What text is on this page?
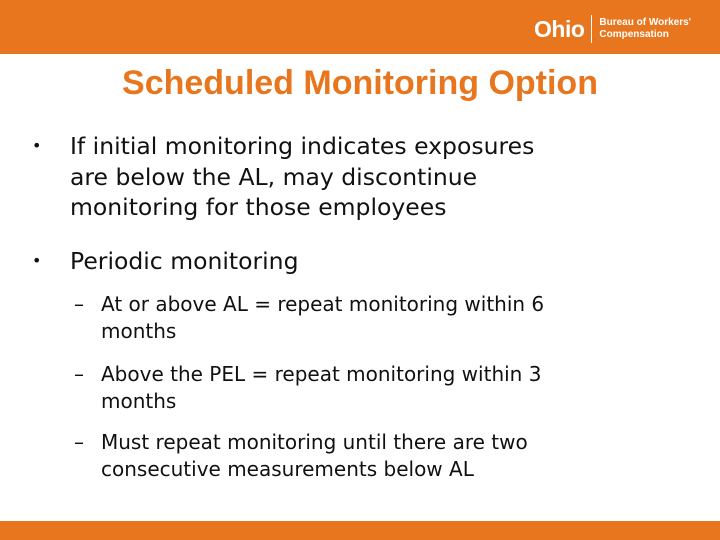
Ohio Bureau of Workers'
Compensation
Scheduled Monitoring Option
• If initial monitoring indicates exposures
are below the AL, may discontinue
monitoring for those employees
• Periodic monitoring
– At or above AL = repeat monitoring within 6
months
– Above the PEL = repeat monitoring within 3
months
– Must repeat monitoring until there are two
consecutive measurements below AL
